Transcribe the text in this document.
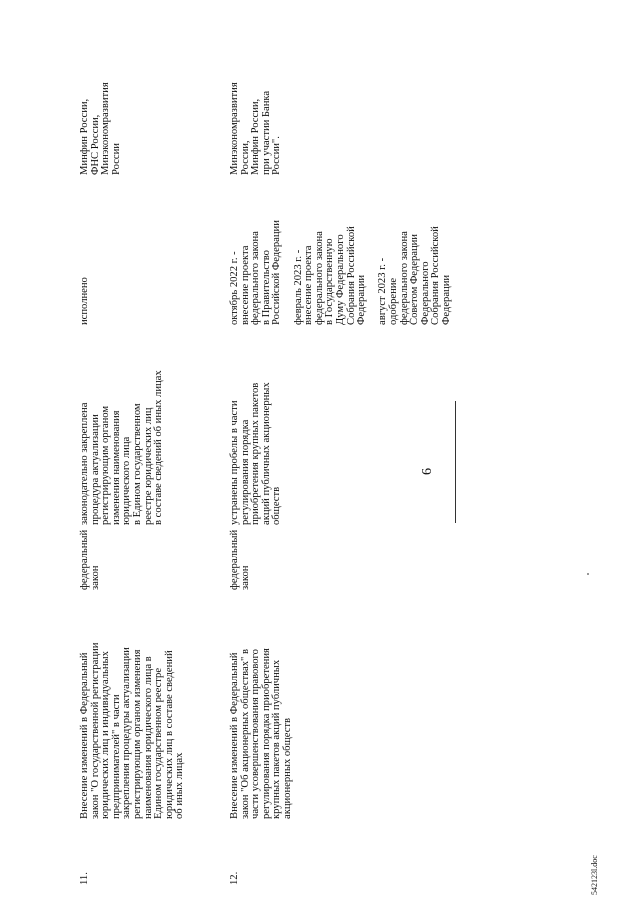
6
542123l.doc
11.
Внесение изменений в Федеральный
закон "О государственной регистрации
юридических лиц и индивидуальных
предпринимателей" в части
закрепления процедуры актуализации
регистрирующим органом изменения
наименования юридического лица в
Едином государственном реестре
юридических лиц в составе сведений
об иных лицах
федеральный
закон
законодательно закреплена
процедура актуализации
регистрирующим органом
изменения наименования
юридического лица
в Едином государственном
реестре юридических лиц
в составе сведений об иных лицах
исполнено
Минфин России,
ФНС России,
Минэкономразвития
России
12.
Внесение изменений в Федеральный
закон "Об акционерных обществах" в
части усовершенствования правового
регулирования порядка приобретения
крупных пакетов акций публичных
акционерных обществ
федеральный
закон
устранены пробелы в части
регулирования порядка
приобретения крупных пакетов
акций публичных акционерных
обществ
октябрь 2022 г. -
внесение проекта
федерального закона
в Правительство
Российской Федерации

февраль 2023 г. -
внесение проекта
федерального закона
в Государственную
Думу Федерального
Собрания Российской
Федерации

август 2023 г. -
одобрение
федерального закона
Советом Федерации
Федерального
Собрания Российской
Федерации
Минэкономразвития
России,
Минфин России,
при участии Банка
России".
